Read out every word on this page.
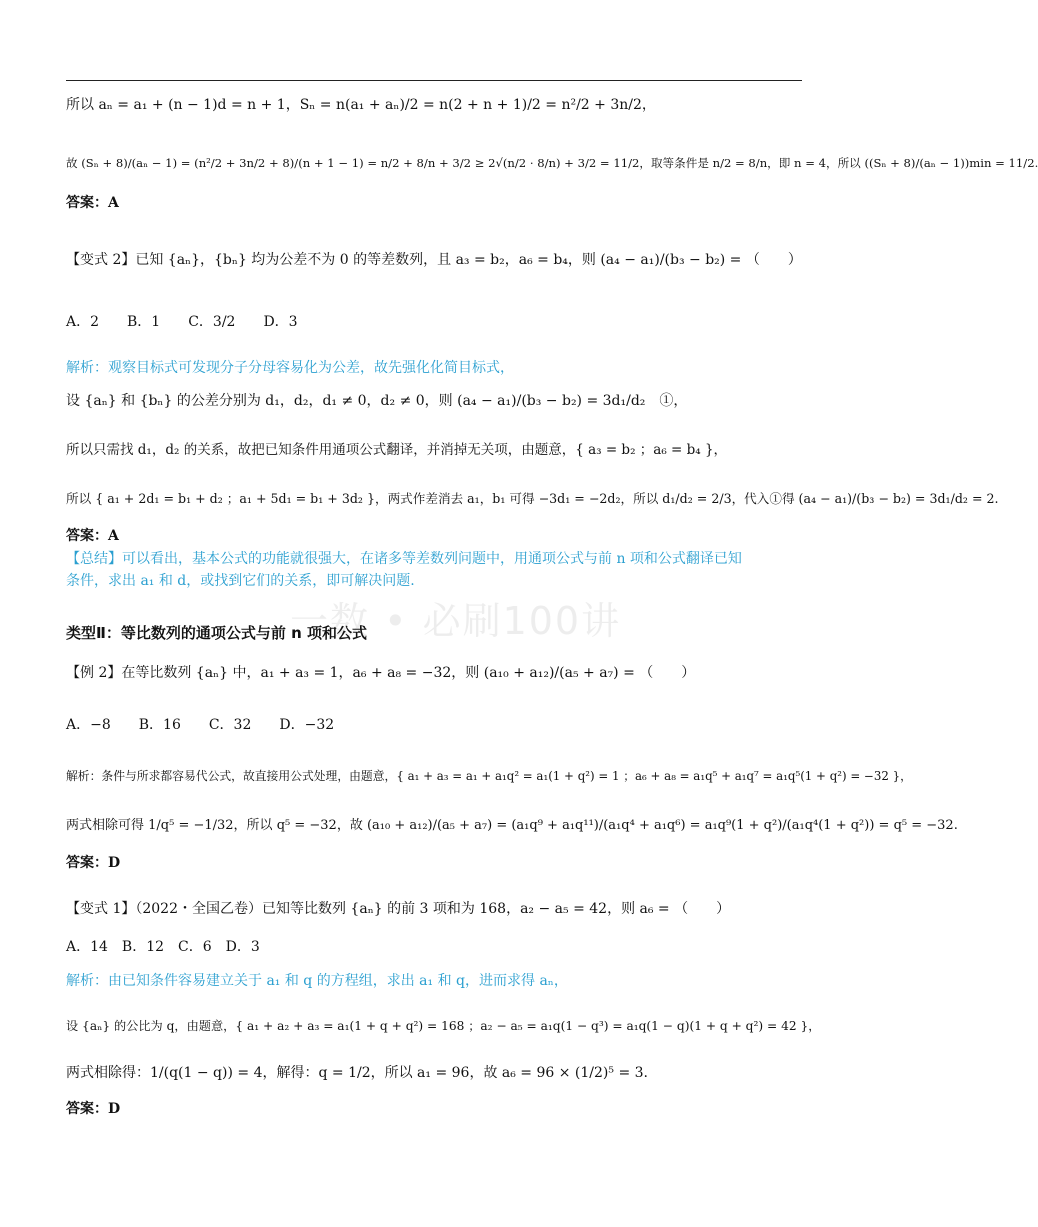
一数 • 必刷100讲
所以 aₙ = a₁ + (n − 1)d = n + 1，Sₙ = n(a₁ + aₙ)/2 = n(2 + n + 1)/2 = n²/2 + 3n/2，
故 (Sₙ + 8)/(aₙ − 1) = (n²/2 + 3n/2 + 8)/(n + 1 − 1) = n/2 + 8/n + 3/2 ≥ 2√(n/2 · 8/n) + 3/2 = 11/2，取等条件是 n/2 = 8/n，即 n = 4，所以 ((Sₙ + 8)/(aₙ − 1))min = 11/2.
答案：A
【变式 2】已知 {aₙ}，{bₙ} 均为公差不为 0 的等差数列，且 a₃ = b₂，a₆ = b₄，则 (a₄ − a₁)/(b₃ − b₂) = （　　）
A．2　　B．1　　C．3/2　　D．3
解析：观察目标式可发现分子分母容易化为公差，故先强化化简目标式，
设 {aₙ} 和 {bₙ} 的公差分别为 d₁，d₂，d₁ ≠ 0，d₂ ≠ 0，则 (a₄ − a₁)/(b₃ − b₂) = 3d₁/d₂　①，
所以只需找 d₁，d₂ 的关系，故把已知条件用通项公式翻译，并消掉无关项，由题意，{ a₃ = b₂ ；a₆ = b₄ }，
所以 { a₁ + 2d₁ = b₁ + d₂ ；a₁ + 5d₁ = b₁ + 3d₂ }，两式作差消去 a₁，b₁ 可得 −3d₁ = −2d₂，所以 d₁/d₂ = 2/3，代入①得 (a₄ − a₁)/(b₃ − b₂) = 3d₁/d₂ = 2.
答案：A
【总结】可以看出，基本公式的功能就很强大，在诸多等差数列问题中，用通项公式与前 n 项和公式翻译已知
条件，求出 a₁ 和 d，或找到它们的关系，即可解决问题.
类型Ⅱ：等比数列的通项公式与前 n 项和公式
【例 2】在等比数列 {aₙ} 中，a₁ + a₃ = 1，a₆ + a₈ = −32，则 (a₁₀ + a₁₂)/(a₅ + a₇) = （　　）
A．−8　　B．16　　C．32　　D．−32
解析：条件与所求都容易代公式，故直接用公式处理，由题意，{ a₁ + a₃ = a₁ + a₁q² = a₁(1 + q²) = 1 ；a₆ + a₈ = a₁q⁵ + a₁q⁷ = a₁q⁵(1 + q²) = −32 }，
两式相除可得 1/q⁵ = −1/32，所以 q⁵ = −32，故 (a₁₀ + a₁₂)/(a₅ + a₇) = (a₁q⁹ + a₁q¹¹)/(a₁q⁴ + a₁q⁶) = a₁q⁹(1 + q²)/(a₁q⁴(1 + q²)) = q⁵ = −32.
答案：D
【变式 1】（2022・全国乙卷）已知等比数列 {aₙ} 的前 3 项和为 168，a₂ − a₅ = 42，则 a₆ = （　　）
A．14　B．12　C．6　D．3
解析：由已知条件容易建立关于 a₁ 和 q 的方程组，求出 a₁ 和 q，进而求得 aₙ，
设 {aₙ} 的公比为 q，由题意，{ a₁ + a₂ + a₃ = a₁(1 + q + q²) = 168 ；a₂ − a₅ = a₁q(1 − q³) = a₁q(1 − q)(1 + q + q²) = 42 }，
两式相除得：1/(q(1 − q)) = 4，解得：q = 1/2，所以 a₁ = 96，故 a₆ = 96 × (1/2)⁵ = 3.
答案：D
